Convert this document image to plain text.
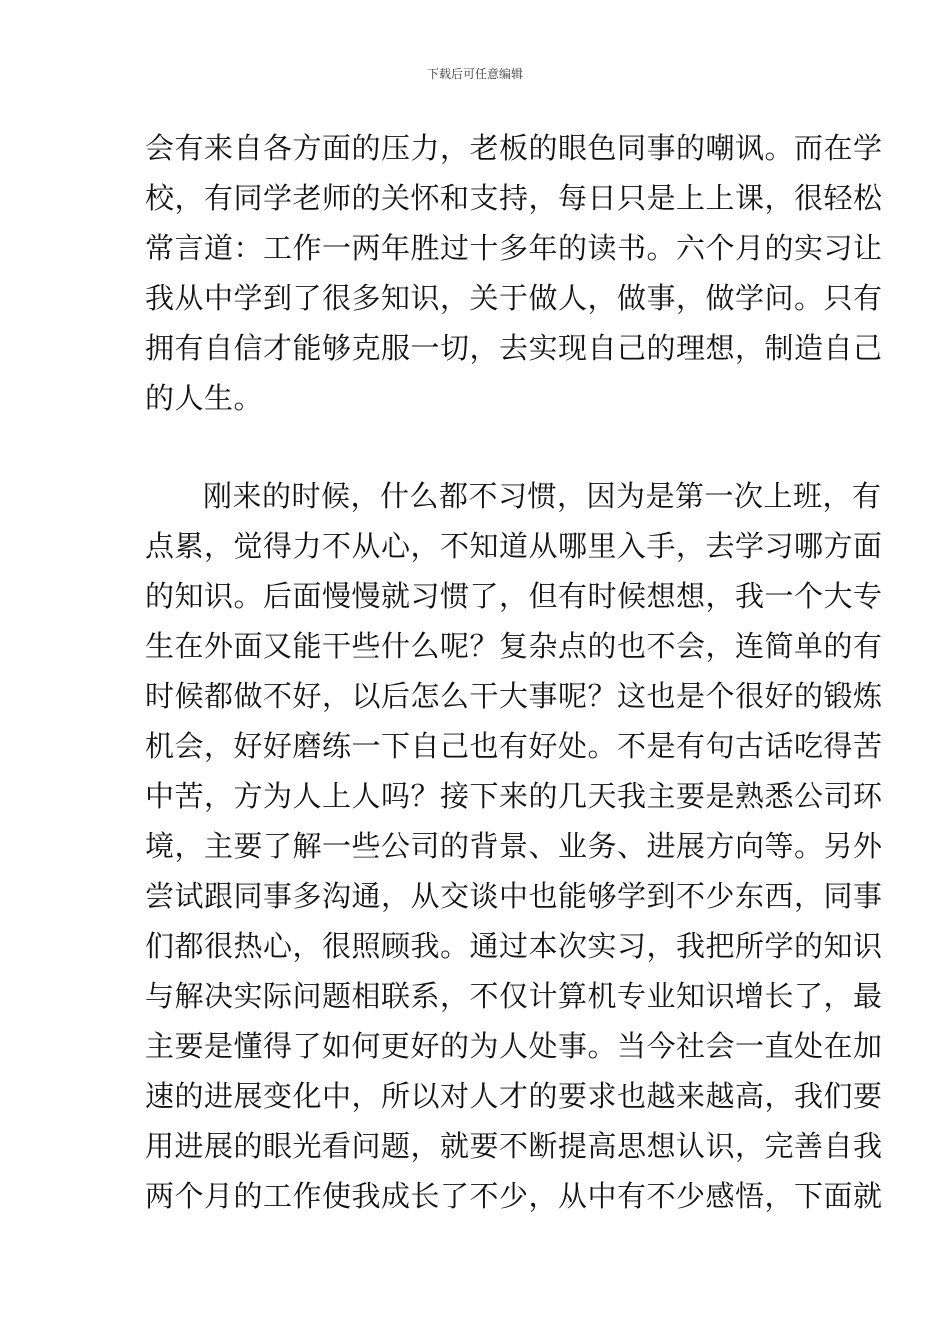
下载后可任意编辑
会有来自各方面的压力，老板的眼色同事的嘲讽。而在学
校，有同学老师的关怀和支持，每日只是上上课，很轻松
常言道：工作一两年胜过十多年的读书。六个月的实习让
我从中学到了很多知识，关于做人，做事，做学问。只有
拥有自信才能够克服一切，去实现自己的理想，制造自己
的人生。
刚来的时候，什么都不习惯，因为是第一次上班，有
点累，觉得力不从心，不知道从哪里入手，去学习哪方面
的知识。后面慢慢就习惯了，但有时候想想，我一个大专
生在外面又能干些什么呢？复杂点的也不会，连简单的有
时候都做不好，以后怎么干大事呢？这也是个很好的锻炼
机会，好好磨练一下自己也有好处。不是有句古话吃得苦
中苦，方为人上人吗？接下来的几天我主要是熟悉公司环
境，主要了解一些公司的背景、业务、进展方向等。另外
尝试跟同事多沟通，从交谈中也能够学到不少东西，同事
们都很热心，很照顾我。通过本次实习，我把所学的知识
与解决实际问题相联系，不仅计算机专业知识增长了，最
主要是懂得了如何更好的为人处事。当今社会一直处在加
速的进展变化中，所以对人才的要求也越来越高，我们要
用进展的眼光看问题，就要不断提高思想认识，完善自我
两个月的工作使我成长了不少，从中有不少感悟，下面就
